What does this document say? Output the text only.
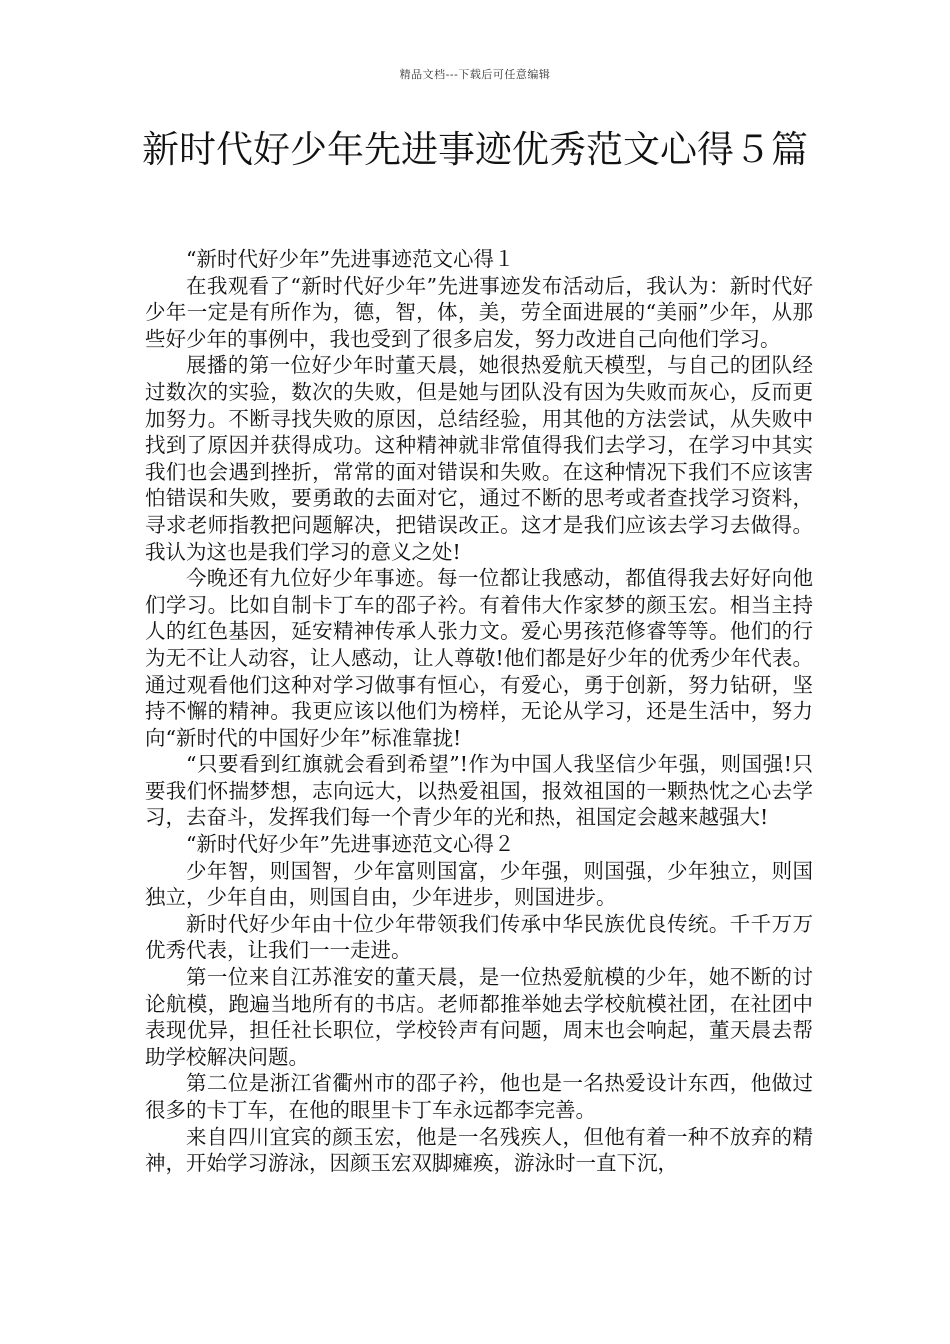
精品文档---下载后可任意编辑
新时代好少年先进事迹优秀范文心得５篇

“新时代好少年”先进事迹范文心得１

在我观看了“新时代好少年”先进事迹发布活动后，我认为：新时代好少年一定是有所作为，德，智，体，美，劳全面进展的“美丽”少年，从那些好少年的事例中，我也受到了很多启发，努力改进自己向他们学习。

展播的第一位好少年时董天晨，她很热爱航天模型，与自己的团队经过数次的实验，数次的失败，但是她与团队没有因为失败而灰心，反而更加努力。不断寻找失败的原因，总结经验，用其他的方法尝试，从失败中找到了原因并获得成功。这种精神就非常值得我们去学习，在学习中其实我们也会遇到挫折，常常的面对错误和失败。在这种情况下我们不应该害怕错误和失败，要勇敢的去面对它，通过不断的思考或者查找学习资料，寻求老师指教把问题解决，把错误改正。这才是我们应该去学习去做得。我认为这也是我们学习的意义之处!

今晚还有九位好少年事迹。每一位都让我感动，都值得我去好好向他们学习。比如自制卡丁车的邵子衿。有着伟大作家梦的颜玉宏。相当主持人的红色基因，延安精神传承人张力文。爱心男孩范修睿等等。他们的行为无不让人动容，让人感动，让人尊敬!他们都是好少年的优秀少年代表。通过观看他们这种对学习做事有恒心，有爱心，勇于创新，努力钻研，坚持不懈的精神。我更应该以他们为榜样，无论从学习，还是生活中，努力向“新时代的中国好少年”标准靠拢!

“只要看到红旗就会看到希望”!作为中国人我坚信少年强，则国强!只要我们怀揣梦想，志向远大，以热爱祖国，报效祖国的一颗热忱之心去学习，去奋斗，发挥我们每一个青少年的光和热，祖国定会越来越强大!

“新时代好少年”先进事迹范文心得２

少年智，则国智，少年富则国富，少年强，则国强，少年独立，则国独立，少年自由，则国自由，少年进步，则国进步。

新时代好少年由十位少年带领我们传承中华民族优良传统。千千万万优秀代表，让我们一一走进。

第一位来自江苏淮安的董天晨，是一位热爱航模的少年，她不断的讨论航模，跑遍当地所有的书店。老师都推举她去学校航模社团，在社团中表现优异，担任社长职位，学校铃声有问题，周末也会响起，董天晨去帮助学校解决问题。

第二位是浙江省衢州市的邵子衿，他也是一名热爱设计东西，他做过很多的卡丁车，在他的眼里卡丁车永远都李完善。

来自四川宜宾的颜玉宏，他是一名残疾人，但他有着一种不放弃的精神，开始学习游泳，因颜玉宏双脚瘫痪，游泳时一直下沉，
